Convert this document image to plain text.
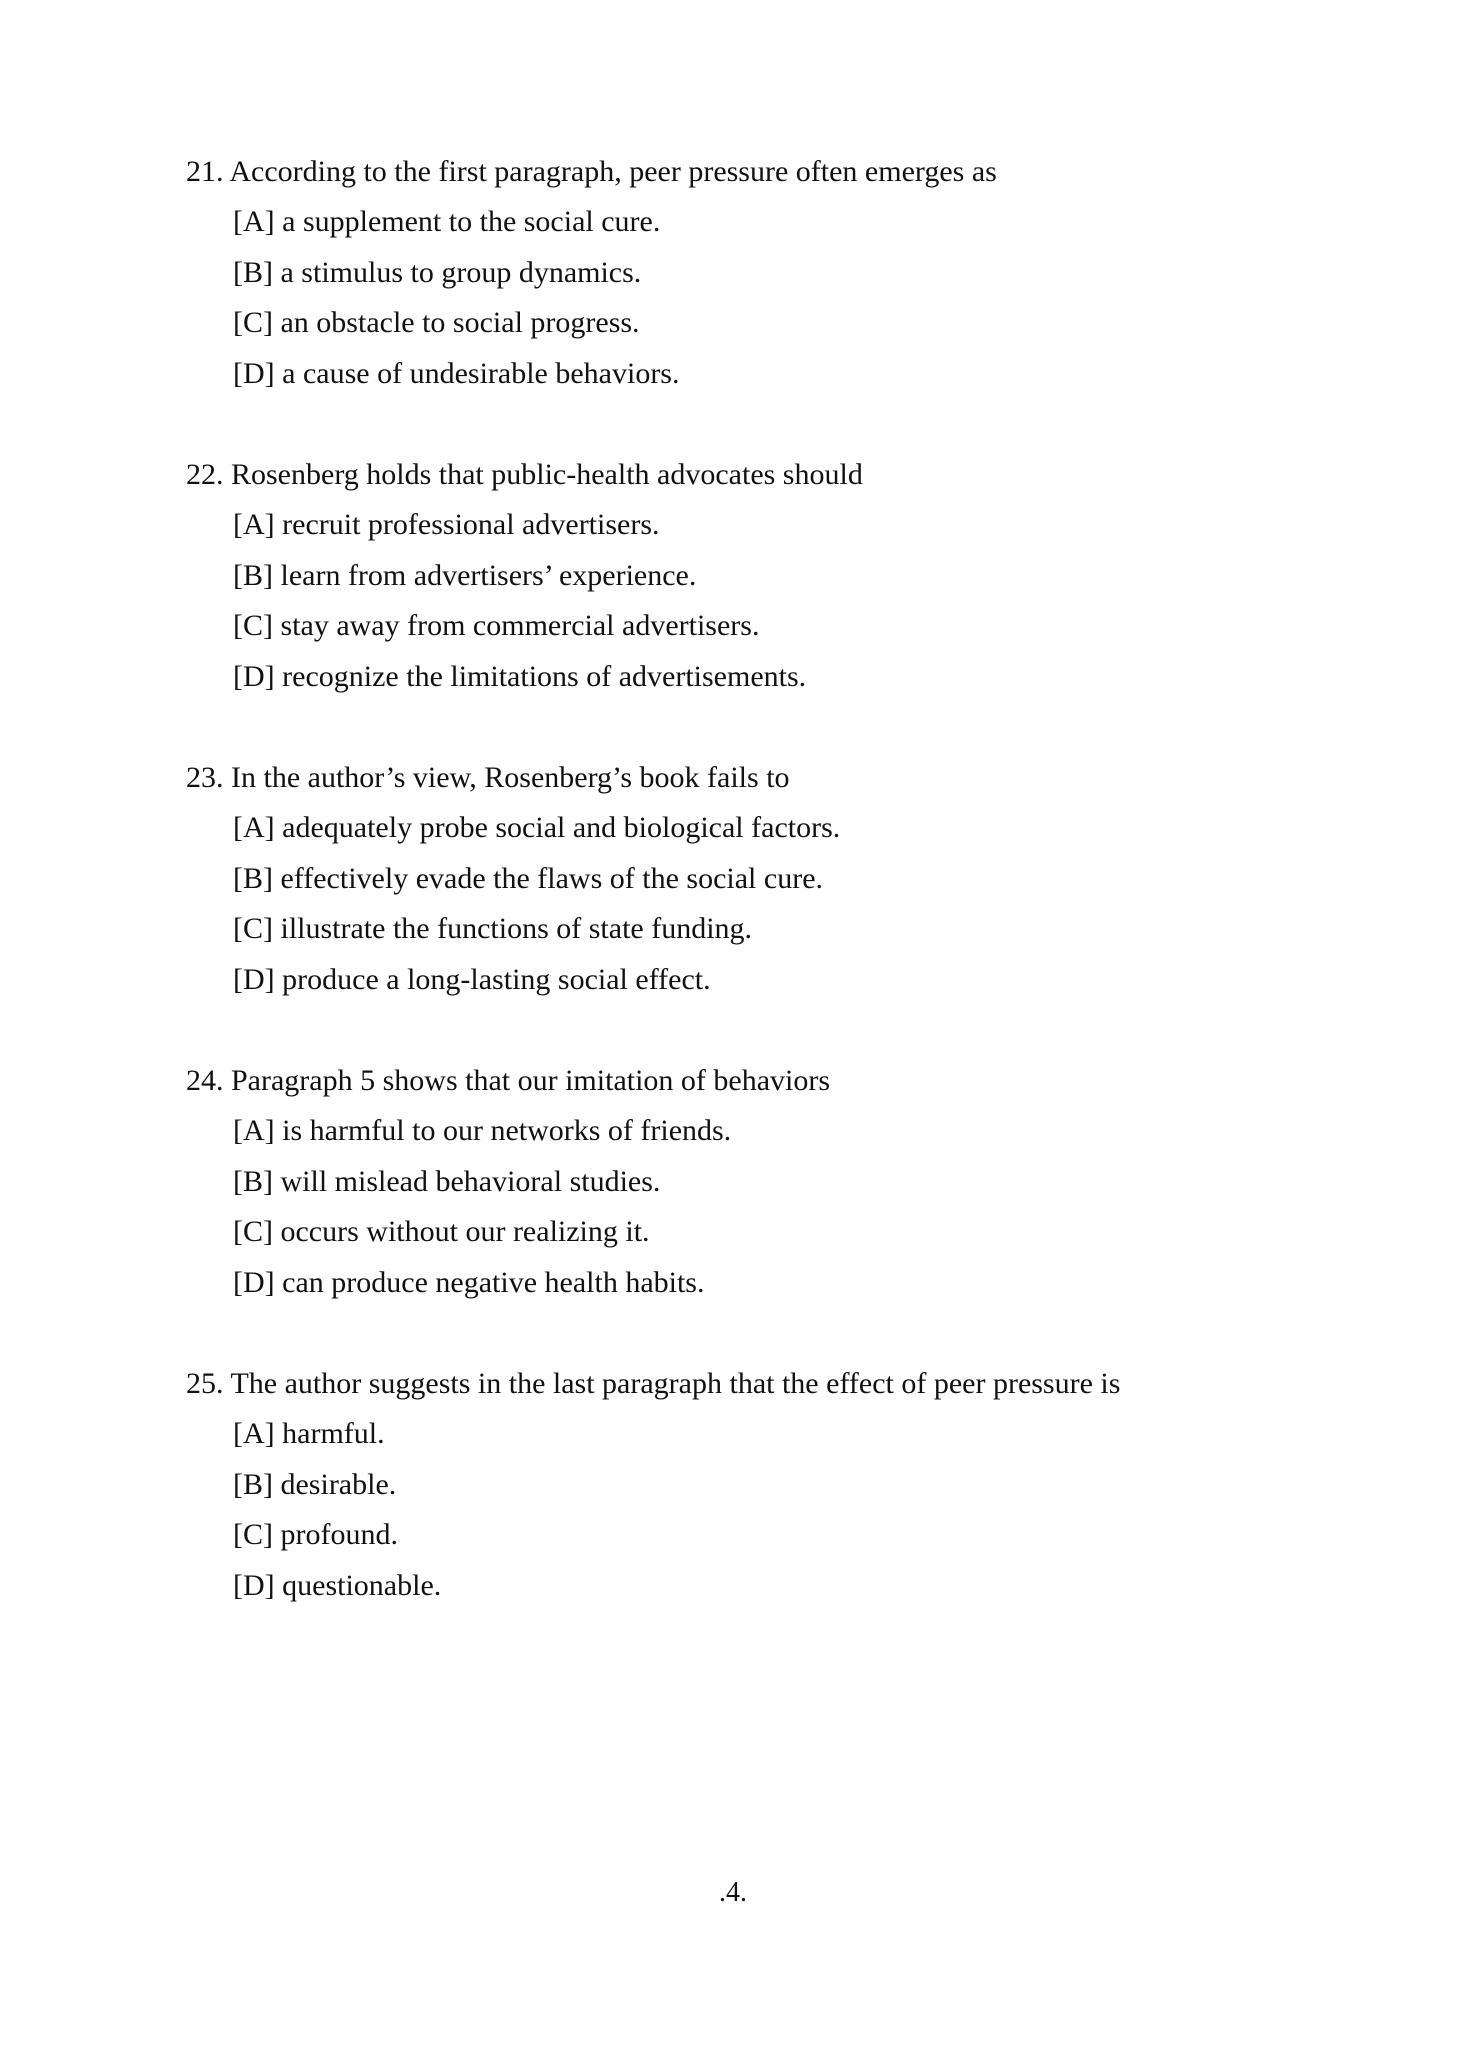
21. According to the first paragraph, peer pressure often emerges as
[A] a supplement to the social cure.
[B] a stimulus to group dynamics.
[C] an obstacle to social progress.
[D] a cause of undesirable behaviors.
22. Rosenberg holds that public-health advocates should
[A] recruit professional advertisers.
[B] learn from advertisers’ experience.
[C] stay away from commercial advertisers.
[D] recognize the limitations of advertisements.
23. In the author’s view, Rosenberg’s book fails to
[A] adequately probe social and biological factors.
[B] effectively evade the flaws of the social cure.
[C] illustrate the functions of state funding.
[D] produce a long-lasting social effect.
24. Paragraph 5 shows that our imitation of behaviors
[A] is harmful to our networks of friends.
[B] will mislead behavioral studies.
[C] occurs without our realizing it.
[D] can produce negative health habits.
25. The author suggests in the last paragraph that the effect of peer pressure is
[A] harmful.
[B] desirable.
[C] profound.
[D] questionable.
.4.
